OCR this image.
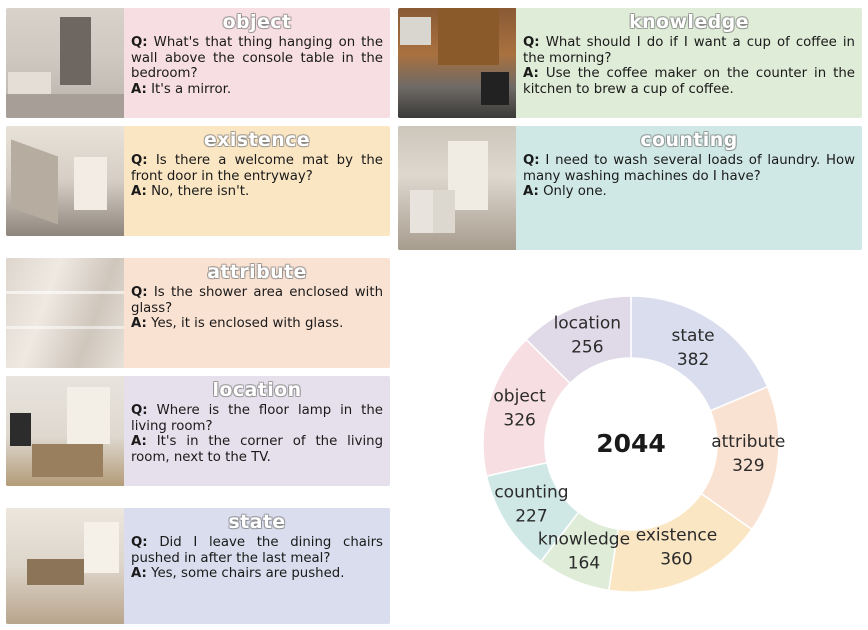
object

Q: What's that thing hanging on the wall above the console table in the bedroom?

A: It's a mirror.

existence

Q: Is there a welcome mat by the front door in the entryway?

A: No, there isn't.

attribute

Q: Is the shower area enclosed with glass?

A: Yes, it is enclosed with glass.

location

Q: Where is the floor lamp in the living room?

A: It's in the corner of the living room, next to the TV.

state

Q: Did I leave the dining chairs pushed in after the last meal?

A: Yes, some chairs are pushed.

knowledge

Q: What should I do if I want a cup of coffee in the morning?

A: Use the coffee maker on the counter in the kitchen to brew a cup of coffee.

counting

Q: I need to wash several loads of laundry. How many washing machines do I have?

A: Only one.

state
382
attribute
329
existence
360
knowledge
164
counting
227
object
326
location
256
2044
